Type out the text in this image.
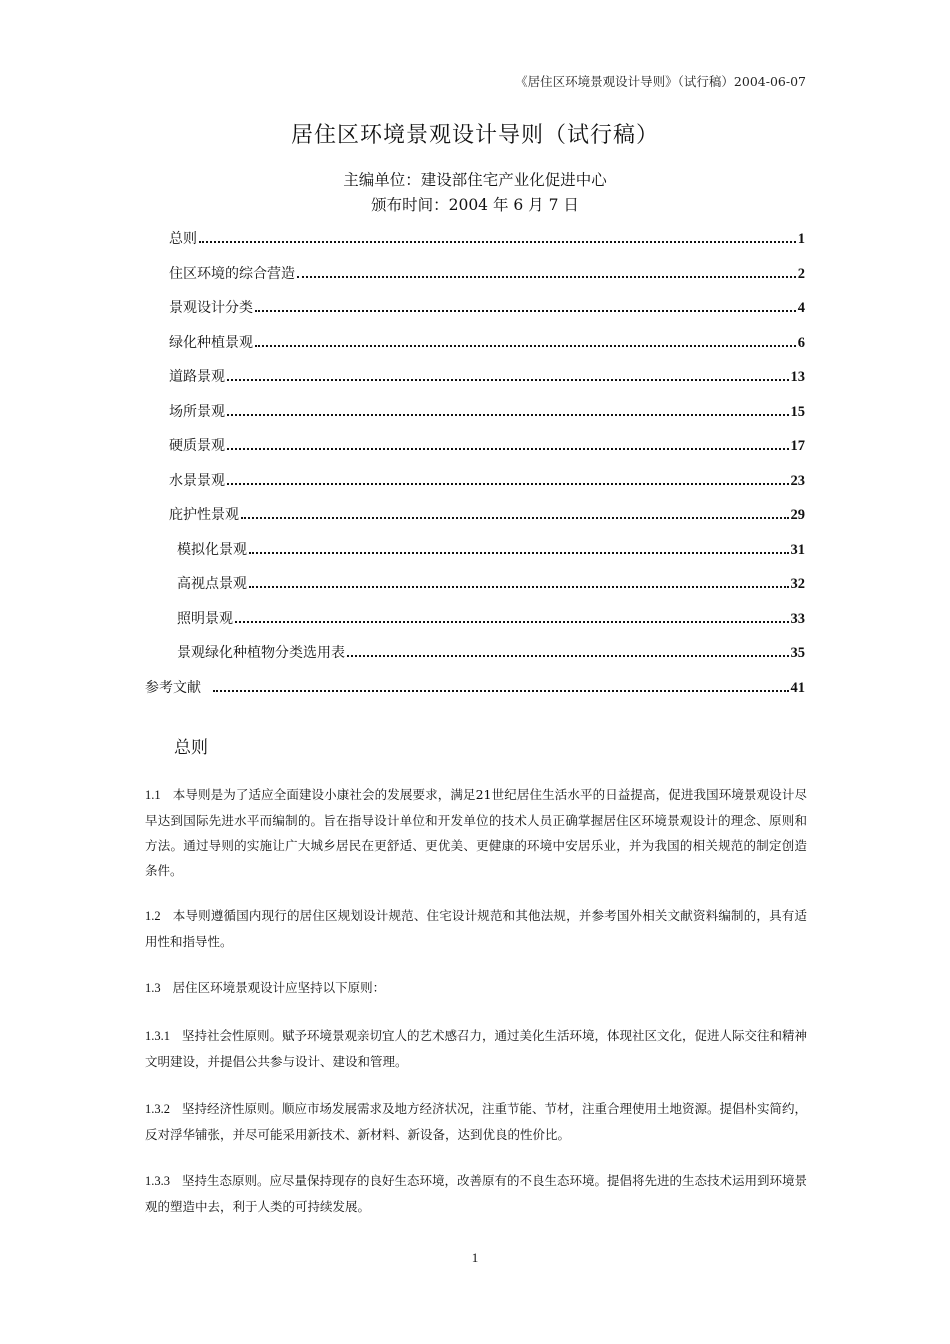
《居住区环境景观设计导则》（试行稿）2004-06-07
居住区环境景观设计导则（试行稿）
主编单位：建设部住宅产业化促进中心
颁布时间：2004 年 6 月 7 日
总则	1
住区环境的综合营造	2
景观设计分类	4
绿化种植景观	6
道路景观	13
场所景观	15
硬质景观	17
水景景观	23
庇护性景观	29
模拟化景观	31
高视点景观	32
照明景观	33
景观绿化种植物分类选用表	35
参考文献	41
总则
1.1 本导则是为了适应全面建设小康社会的发展要求，满足21世纪居住生活水平的日益提高，促进我国环境景观设计尽早达到国际先进水平而编制的。旨在指导设计单位和开发单位的技术人员正确掌握居住区环境景观设计的理念、原则和方法。通过导则的实施让广大城乡居民在更舒适、更优美、更健康的环境中安居乐业，并为我国的相关规范的制定创造条件。
1.2 本导则遵循国内现行的居住区规划设计规范、住宅设计规范和其他法规，并参考国外相关文献资料编制的，具有适用性和指导性。
1.3 居住区环境景观设计应坚持以下原则：
1.3.1 坚持社会性原则。赋予环境景观亲切宜人的艺术感召力，通过美化生活环境，体现社区文化，促进人际交往和精神文明建设，并提倡公共参与设计、建设和管理。
1.3.2 坚持经济性原则。顺应市场发展需求及地方经济状况，注重节能、节材，注重合理使用土地资源。提倡朴实简约，反对浮华铺张，并尽可能采用新技术、新材料、新设备，达到优良的性价比。
1.3.3 坚持生态原则。应尽量保持现存的良好生态环境，改善原有的不良生态环境。提倡将先进的生态技术运用到环境景观的塑造中去，利于人类的可持续发展。
1
